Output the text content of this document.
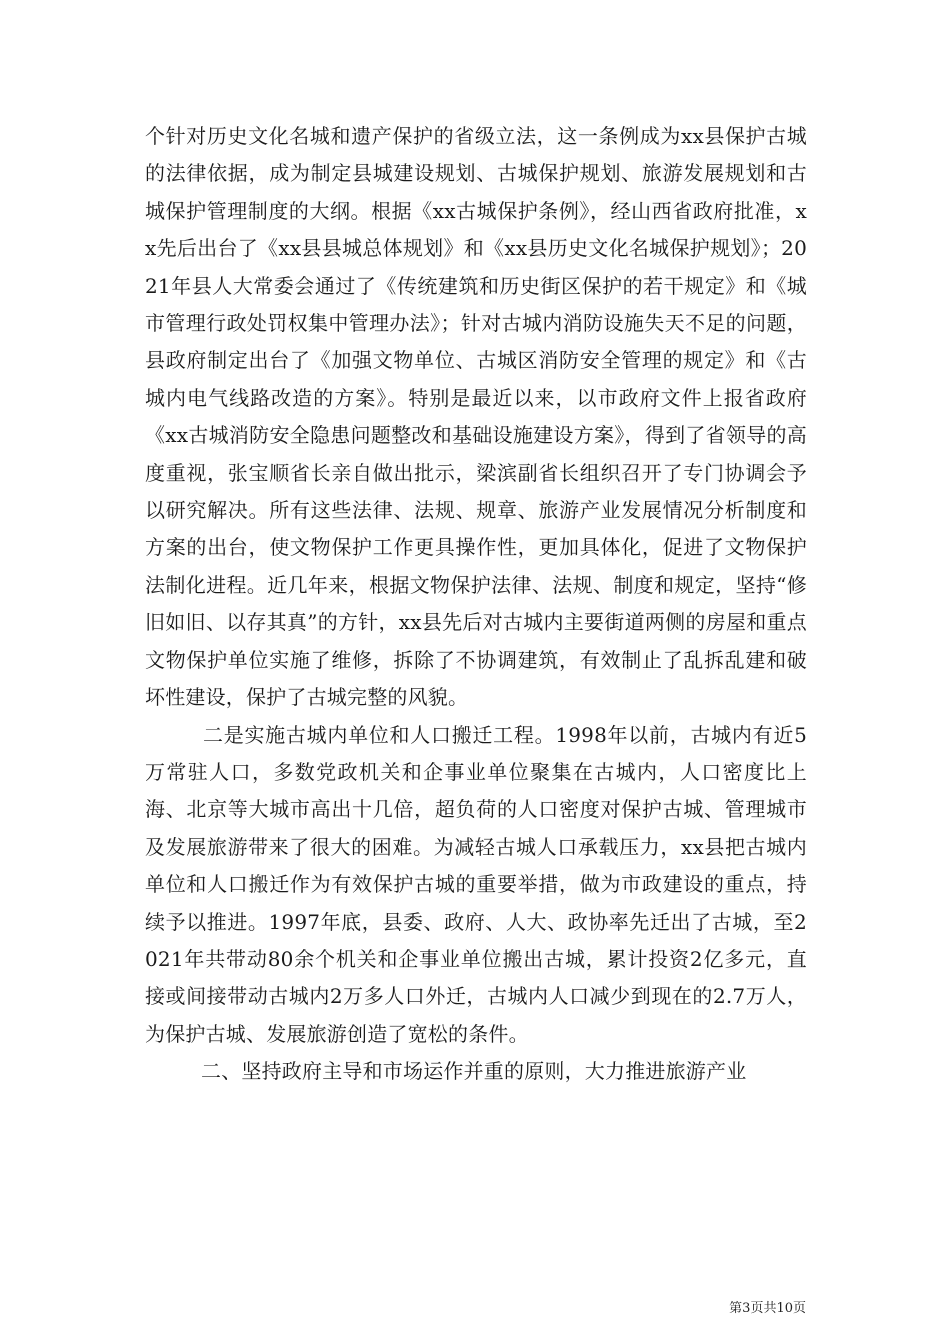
个针对历史文化名城和遗产保护的省级立法，这一条例成为xx县保护古城的法律依据，成为制定县城建设规划、古城保护规划、旅游发展规划和古城保护管理制度的大纲。根据《xx古城保护条例》，经山西省政府批准，xx先后出台了《xx县县城总体规划》和《xx县历史文化名城保护规划》；2021年县人大常委会通过了《传统建筑和历史街区保护的若干规定》和《城市管理行政处罚权集中管理办法》；针对古城内消防设施失天不足的问题，县政府制定出台了《加强文物单位、古城区消防安全管理的规定》和《古城内电气线路改造的方案》。特别是最近以来，以市政府文件上报省政府《xx古城消防安全隐患问题整改和基础设施建设方案》，得到了省领导的高度重视，张宝顺省长亲自做出批示，梁滨副省长组织召开了专门协调会予以研究解决。所有这些法律、法规、规章、旅游产业发展情况分析制度和方案的出台，使文物保护工作更具操作性，更加具体化，促进了文物保护法制化进程。近几年来，根据文物保护法律、法规、制度和规定，坚持“修旧如旧、以存其真”的方针，xx县先后对古城内主要街道两侧的房屋和重点文物保护单位实施了维修，拆除了不协调建筑，有效制止了乱拆乱建和破坏性建设，保护了古城完整的风貌。

二是实施古城内单位和人口搬迁工程。1998年以前，古城内有近5万常驻人口，多数党政机关和企事业单位聚集在古城内，人口密度比上海、北京等大城市高出十几倍，超负荷的人口密度对保护古城、管理城市及发展旅游带来了很大的困难。为减轻古城人口承载压力，xx县把古城内单位和人口搬迁作为有效保护古城的重要举措，做为市政建设的重点，持续予以推进。1997年底，县委、政府、人大、政协率先迁出了古城，至2021年共带动80余个机关和企事业单位搬出古城，累计投资2亿多元，直接或间接带动古城内2万多人口外迁，古城内人口减少到现在的2.7万人，为保护古城、发展旅游创造了宽松的条件。

二、坚持政府主导和市场运作并重的原则，大力推进旅游产业

第3页共10页
